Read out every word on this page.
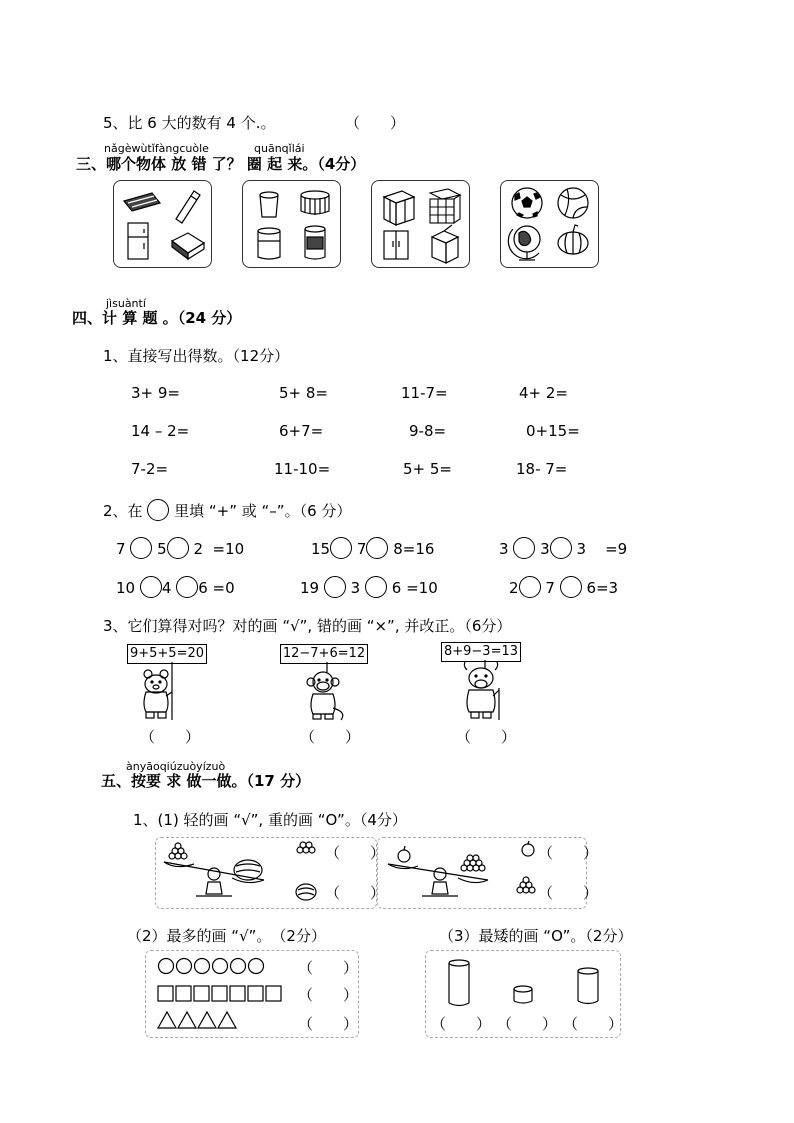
5、比 6 大的数有 4 个.。	（　　）
nǎgèwùtǐfàngcuòle	quānqǐlái
三、哪个物体 放 错 了？ 圈 起 来。（4分）
jìsuàntí
四、计 算 题 。（24 分）
1、直接写出得数。（12分）
3+ 9=	5+ 8=	11-7=	4+ 2=
14 – 2=	6+7=	9-8=	0+15=
7-2=	11-10=	5+ 5=	18- 7=
2、在 里填 “+” 或 “–”。（6 分）
7 5 2 =10	15 7 8=16	3 3 3 =9
10 4 6 =0	19 3 6 =10	2 7 6=3
3、它们算得对吗？对的画 “√”, 错的画 “×”, 并改正。（6分）
9+5+5=20	12−7+6=12	8+9−3=13
（　　）	（　　）	（　　）
ànyāoqiúzuòyízuò
五、按要 求 做一做。（17 分）
1、(1) 轻的画 “√”, 重的画 “O”。（4分）
（　　）
（　　）
（　　）
（　　）
（2）最多的画 “√”。　（2分）	（3）最矮的画 “O”。（2分）
（　　）
（　　）
（　　）	（　　） （　　） （　　）
